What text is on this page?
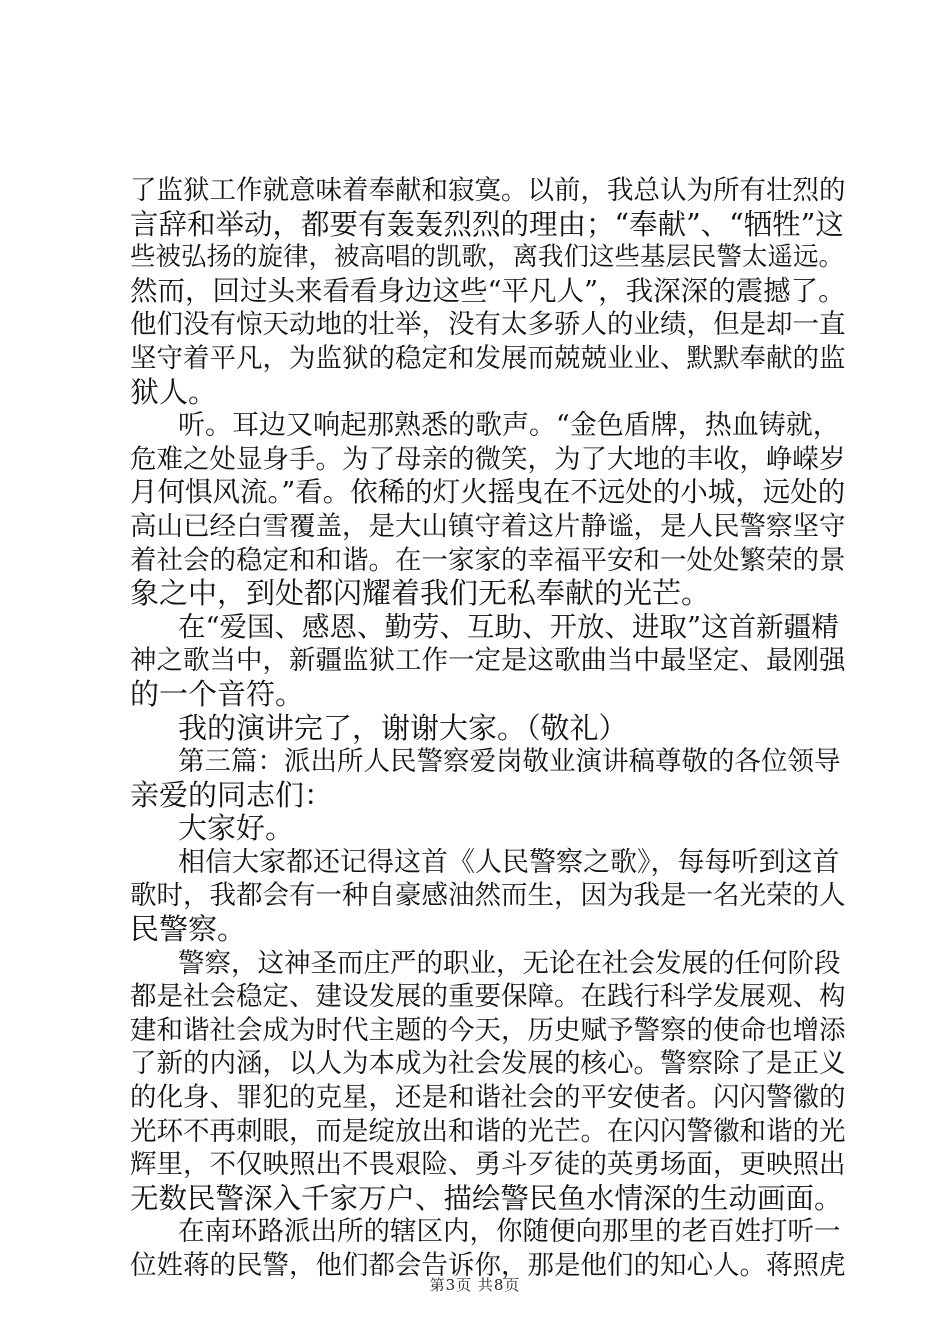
了监狱工作就意味着奉献和寂寞。以前，我总认为所有壮烈的
言辞和举动，都要有轰轰烈烈的理由；“奉献”、“牺牲”这
些被弘扬的旋律，被高唱的凯歌，离我们这些基层民警太遥远。
然而，回过头来看看身边这些“平凡人”，我深深的震撼了。
他们没有惊天动地的壮举，没有太多骄人的业绩，但是却一直
坚守着平凡，为监狱的稳定和发展而兢兢业业、默默奉献的监
狱人。
听。耳边又响起那熟悉的歌声。“金色盾牌，热血铸就，
危难之处显身手。为了母亲的微笑，为了大地的丰收，峥嵘岁
月何惧风流。”看。依稀的灯火摇曳在不远处的小城，远处的
高山已经白雪覆盖，是大山镇守着这片静谧，是人民警察坚守
着社会的稳定和和谐。在一家家的幸福平安和一处处繁荣的景
象之中，到处都闪耀着我们无私奉献的光芒。
在“爱国、感恩、勤劳、互助、开放、进取”这首新疆精
神之歌当中，新疆监狱工作一定是这歌曲当中最坚定、最刚强
的一个音符。
我的演讲完了，谢谢大家。（敬礼）
第三篇：派出所人民警察爱岗敬业演讲稿尊敬的各位领导
亲爱的同志们：
大家好。
相信大家都还记得这首《人民警察之歌》，每每听到这首
歌时，我都会有一种自豪感油然而生，因为我是一名光荣的人
民警察。
警察，这神圣而庄严的职业，无论在社会发展的任何阶段
都是社会稳定、建设发展的重要保障。在践行科学发展观、构
建和谐社会成为时代主题的今天，历史赋予警察的使命也增添
了新的内涵，以人为本成为社会发展的核心。警察除了是正义
的化身、罪犯的克星，还是和谐社会的平安使者。闪闪警徽的
光环不再刺眼，而是绽放出和谐的光芒。在闪闪警徽和谐的光
辉里，不仅映照出不畏艰险、勇斗歹徒的英勇场面，更映照出
无数民警深入千家万户、描绘警民鱼水情深的生动画面。
在南环路派出所的辖区内，你随便向那里的老百姓打听一
位姓蒋的民警，他们都会告诉你，那是他们的知心人。蒋照虎
第3页 共8页
